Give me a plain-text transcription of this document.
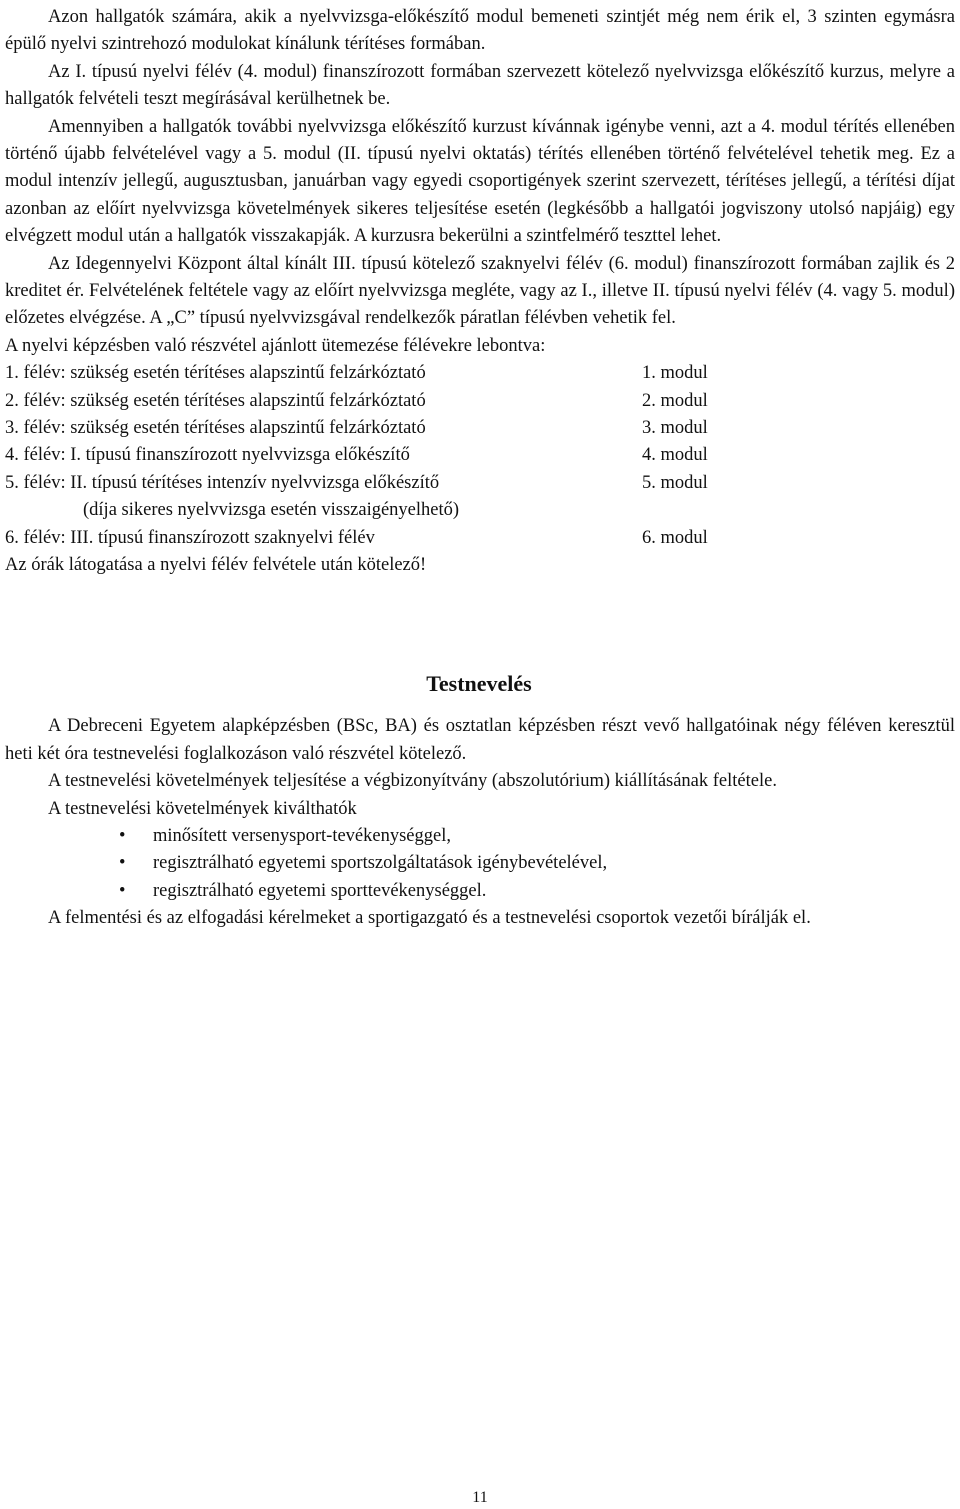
Azon hallgatók számára, akik a nyelvvizsga-előkészítő modul bemeneti szintjét még nem érik el, 3 szinten egymásra épülő nyelvi szintrehozó modulokat kínálunk térítéses formában.

Az I. típusú nyelvi félév (4. modul) finanszírozott formában szervezett kötelező nyelvvizsga előkészítő kurzus, melyre a hallgatók felvételi teszt megírásával kerülhetnek be.

Amennyiben a hallgatók további nyelvvizsga előkészítő kurzust kívánnak igénybe venni, azt a 4. modul térítés ellenében történő újabb felvételével vagy a 5. modul (II. típusú nyelvi oktatás) térítés ellenében történő felvételével tehetik meg. Ez a modul intenzív jellegű, augusztusban, januárban vagy egyedi csoportigények szerint szervezett, térítéses jellegű, a térítési díjat azonban az előírt nyelvvizsga követelmények sikeres teljesítése esetén (legkésőbb a hallgatói jogviszony utolsó napjáig) egy elvégzett modul után a hallgatók visszakapják. A kurzusra bekerülni a szintfelmérő teszttel lehet.

Az Idegennyelvi Központ által kínált III. típusú kötelező szaknyelvi félév (6. modul) finanszírozott formában zajlik és 2 kreditet ér. Felvételének feltétele vagy az előírt nyelvvizsga megléte, vagy az I., illetve II. típusú nyelvi félév (4. vagy 5. modul) előzetes elvégzése. A „C” típusú nyelvvizsgával rendelkezők páratlan félévben vehetik fel.

A nyelvi képzésben való részvétel ajánlott ütemezése félévekre lebontva:

1. félév: szükség esetén térítéses alapszintű felzárkóztató	1. modul
2. félév: szükség esetén térítéses alapszintű felzárkóztató	2. modul
3. félév: szükség esetén térítéses alapszintű felzárkóztató	3. modul
4. félév: I. típusú finanszírozott nyelvvizsga előkészítő	4. modul
5. félév: II. típusú térítéses intenzív nyelvvizsga előkészítő	5. modul
(díja sikeres nyelvvizsga esetén visszaigényelhető)
6. félév: III. típusú finanszírozott szaknyelvi félév	6. modul

Az órák látogatása a nyelvi félév felvétele után kötelező!

Testnevelés

A Debreceni Egyetem alapképzésben (BSc, BA) és osztatlan képzésben részt vevő hallgatóinak négy féléven keresztül heti két óra testnevelési foglalkozáson való részvétel kötelező.

A testnevelési követelmények teljesítése a végbizonyítvány (abszolutórium) kiállításának feltétele.

A testnevelési követelmények kiválthatók

•	minősített versenysport-tevékenységgel,
•	regisztrálható egyetemi sportszolgáltatások igénybevételével,
•	regisztrálható egyetemi sporttevékenységgel.

A felmentési és az elfogadási kérelmeket a sportigazgató és a testnevelési csoportok vezetői bírálják el.

11
